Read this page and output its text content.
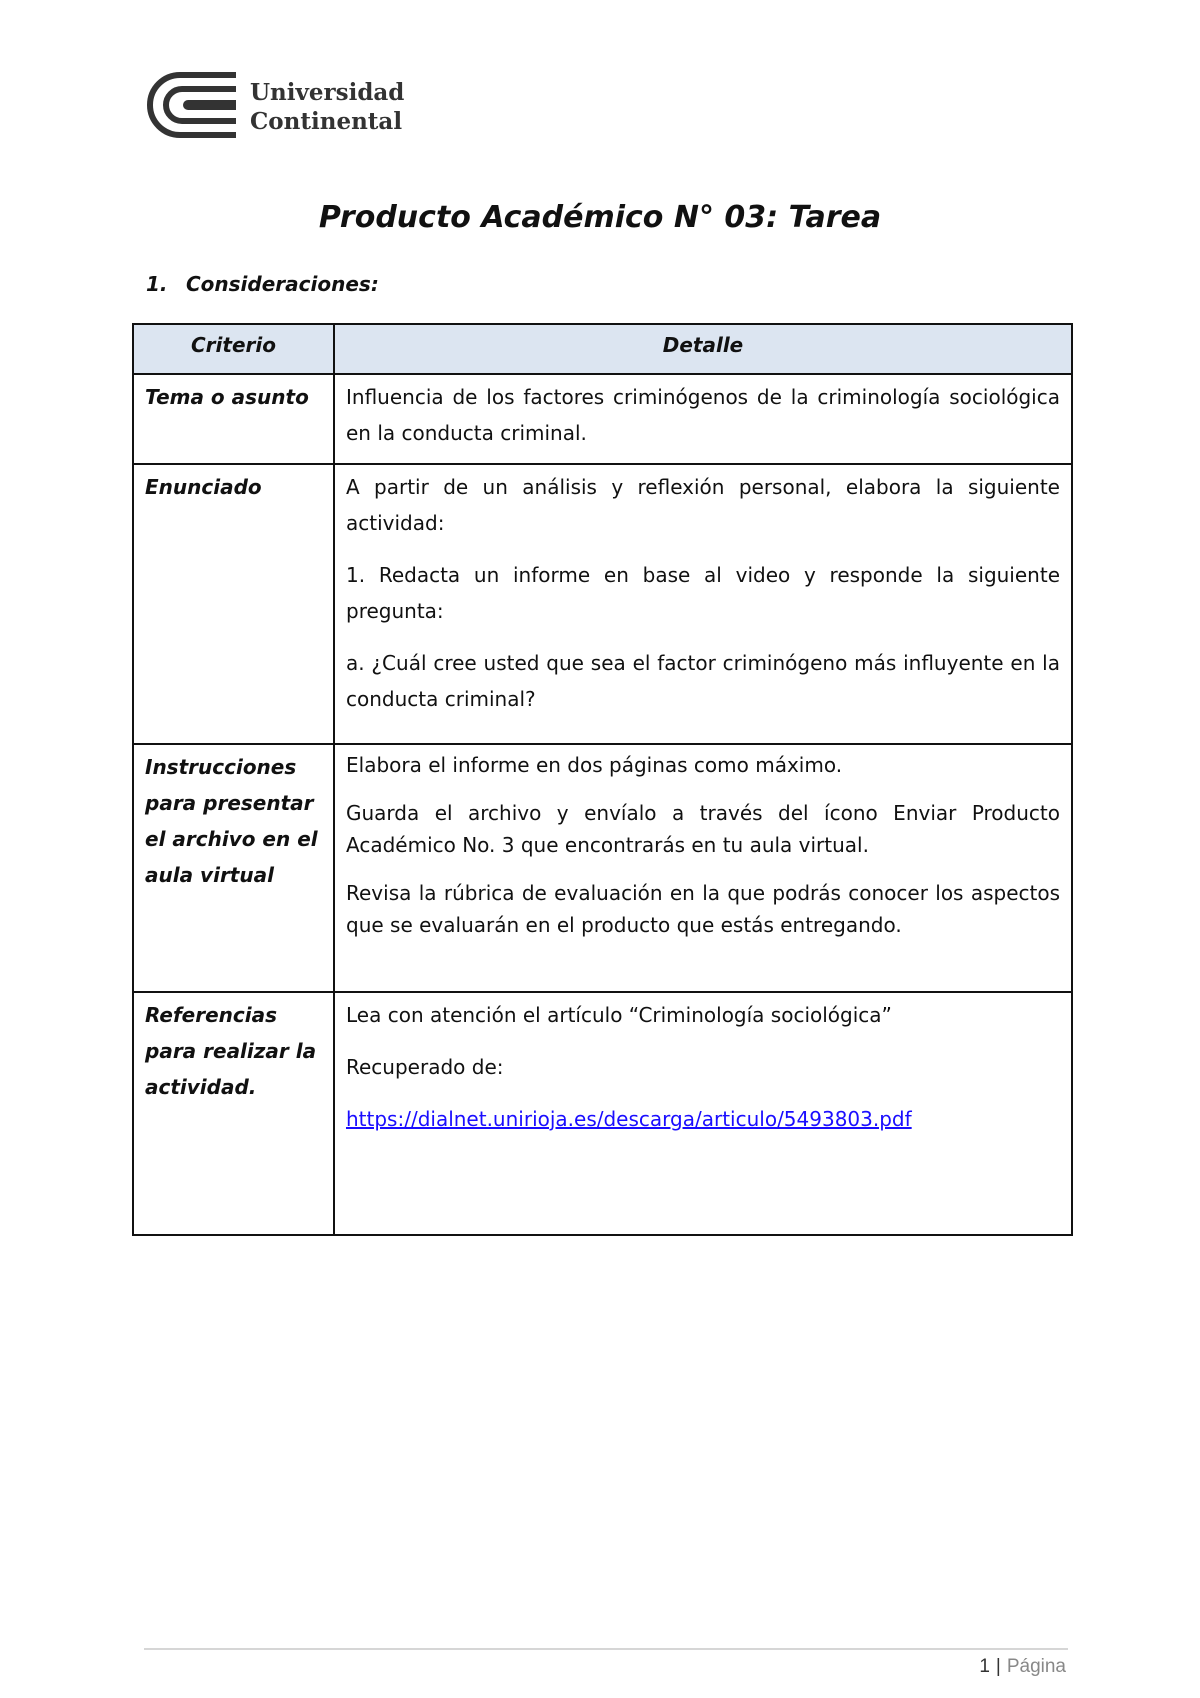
Universidad
Continental
Producto Académico N° 03: Tarea
1. Consideraciones:
Criterio	Detalle
Tema o asunto	Influencia de los factores criminógenos de la criminología sociológica en la conducta criminal.

Enunciado	A partir de un análisis y reflexión personal, elabora la siguiente actividad:

1. Redacta un informe en base al video y responde la siguiente pregunta:

a. ¿Cuál cree usted que sea el factor criminógeno más influyente en la conducta criminal?

Instrucciones para presentar el archivo en el aula virtual	Elabora el informe en dos páginas como máximo.

Guarda el archivo y envíalo a través del ícono Enviar Producto Académico No. 3 que encontrarás en tu aula virtual.

Revisa la rúbrica de evaluación en la que podrás conocer los aspectos que se evaluarán en el producto que estás entregando.

Referencias para realizar la actividad.	Lea con atención el artículo “Criminología sociológica”

Recuperado de:

https://dialnet.unirioja.es/descarga/articulo/5493803.pdf

1 | Página
